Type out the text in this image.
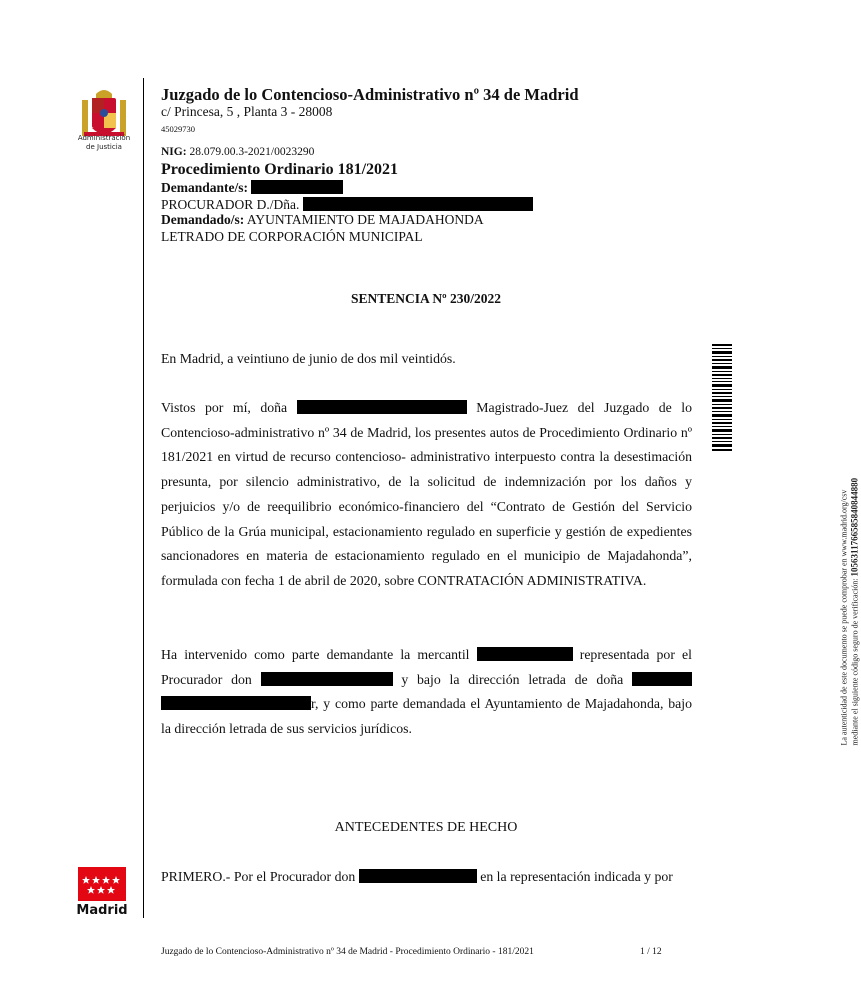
Administración
de Justicia
Juzgado de lo Contencioso-Administrativo nº 34 de Madrid
c/ Princesa, 5 , Planta 3 - 28008
45029730
NIG: 28.079.00.3-2021/0023290
Procedimiento Ordinario 181/2021
Demandante/s:
PROCURADOR D./Dña.
Demandado/s: AYUNTAMIENTO DE MAJADAHONDA
LETRADO DE CORPORACIÓN MUNICIPAL
SENTENCIA Nº 230/2022
En Madrid, a veintiuno de junio de dos mil veintidós.
Vistos por mí, doña	Magistrado-Juez del Juzgado de lo Contencioso-administrativo nº 34 de Madrid, los presentes autos de Procedimiento Ordinario nº 181/2021 en virtud de recurso contencioso- administrativo interpuesto contra la desestimación presunta, por silencio administrativo, de la solicitud de indemnización por los daños y perjuicios y/o de reequilibrio económico-financiero del “Contrato de Gestión del Servicio Público de la Grúa municipal, estacionamiento regulado en superficie y gestión de expedientes sancionadores en materia de estacionamiento regulado en el municipio de Majadahonda”, formulada con fecha 1 de abril de 2020, sobre CONTRATACIÓN ADMINISTRATIVA.
Ha intervenido como parte demandante la mercantil	representada por el Procurador don	y bajo la dirección letrada de doña  r, y como parte demandada el Ayuntamiento de Majadahonda, bajo la dirección letrada de sus servicios jurídicos.
ANTECEDENTES DE HECHO
PRIMERO.- Por el Procurador don	en la representación indicada y por
Madrid
La autenticidad de este documento se puede comprobar en www.madrid.org/csv mediante el siguiente código seguro de verificación: 1056311766585840844880
Juzgado de lo Contencioso-Administrativo nº 34 de Madrid - Procedimiento Ordinario - 181/2021	1 / 12
